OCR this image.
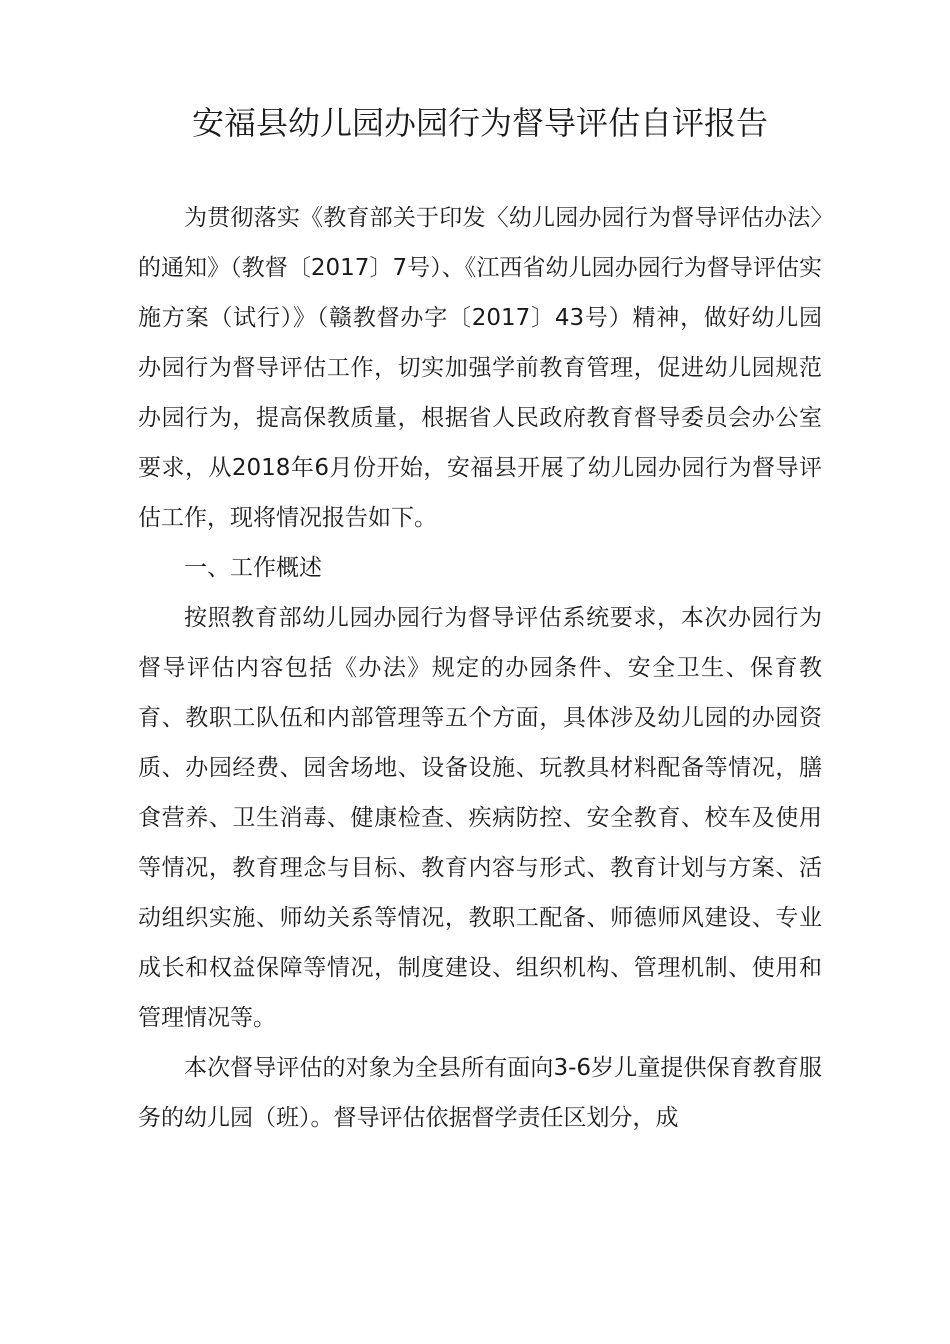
安福县幼儿园办园行为督导评估自评报告

为贯彻落实《教育部关于印发〈幼儿园办园行为督导评估办法〉的通知》（教督〔2017〕7号）、《江西省幼儿园办园行为督导评估实施方案（试行）》（赣教督办字〔2017〕43号）精神，做好幼儿园办园行为督导评估工作，切实加强学前教育管理，促进幼儿园规范办园行为，提高保教质量，根据省人民政府教育督导委员会办公室要求，从2018年6月份开始，安福县开展了幼儿园办园行为督导评估工作，现将情况报告如下。

一、工作概述

按照教育部幼儿园办园行为督导评估系统要求，本次办园行为督导评估内容包括《办法》规定的办园条件、安全卫生、保育教育、教职工队伍和内部管理等五个方面，具体涉及幼儿园的办园资质、办园经费、园舍场地、设备设施、玩教具材料配备等情况，膳食营养、卫生消毒、健康检查、疾病防控、安全教育、校车及使用等情况，教育理念与目标、教育内容与形式、教育计划与方案、活动组织实施、师幼关系等情况，教职工配备、师德师风建设、专业成长和权益保障等情况，制度建设、组织机构、管理机制、使用和管理情况等。

本次督导评估的对象为全县所有面向3-6岁儿童提供保育教育服务的幼儿园（班）。督导评估依据督学责任区划分，成
